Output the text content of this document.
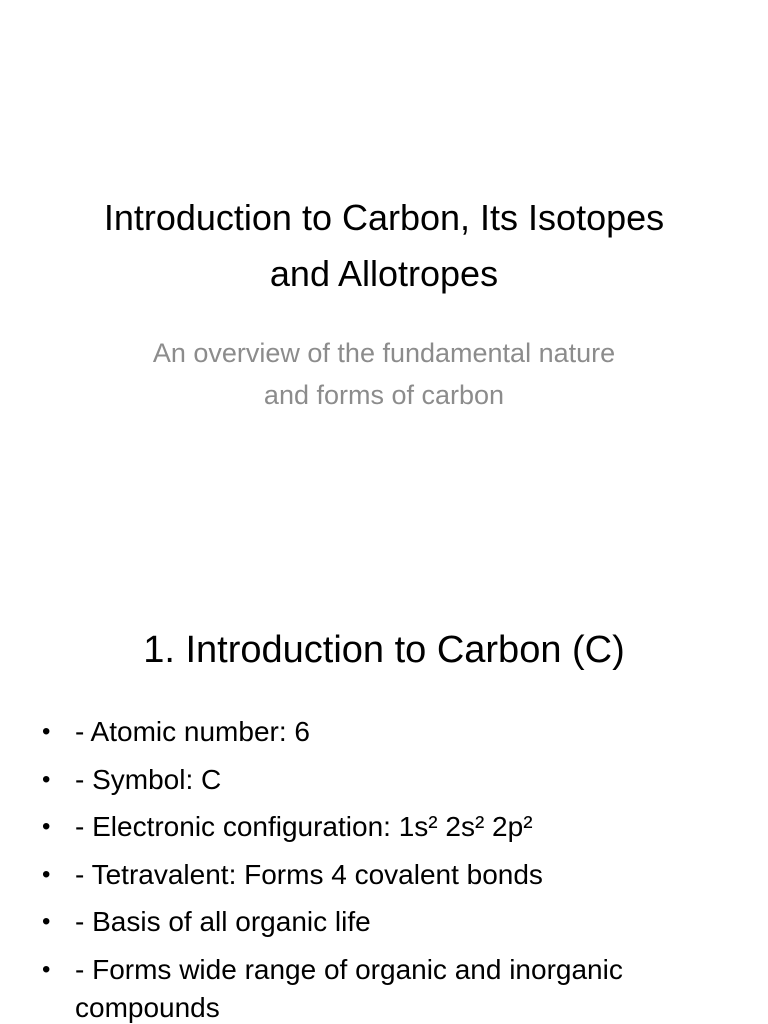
Introduction to Carbon, Its Isotopes and Allotropes

An overview of the fundamental nature and forms of carbon

1. Introduction to Carbon (C)
• - Atomic number: 6
• - Symbol: C
• - Electronic configuration: 1s² 2s² 2p²
• - Tetravalent: Forms 4 covalent bonds
• - Basis of all organic life
• - Forms wide range of organic and inorganic compounds
